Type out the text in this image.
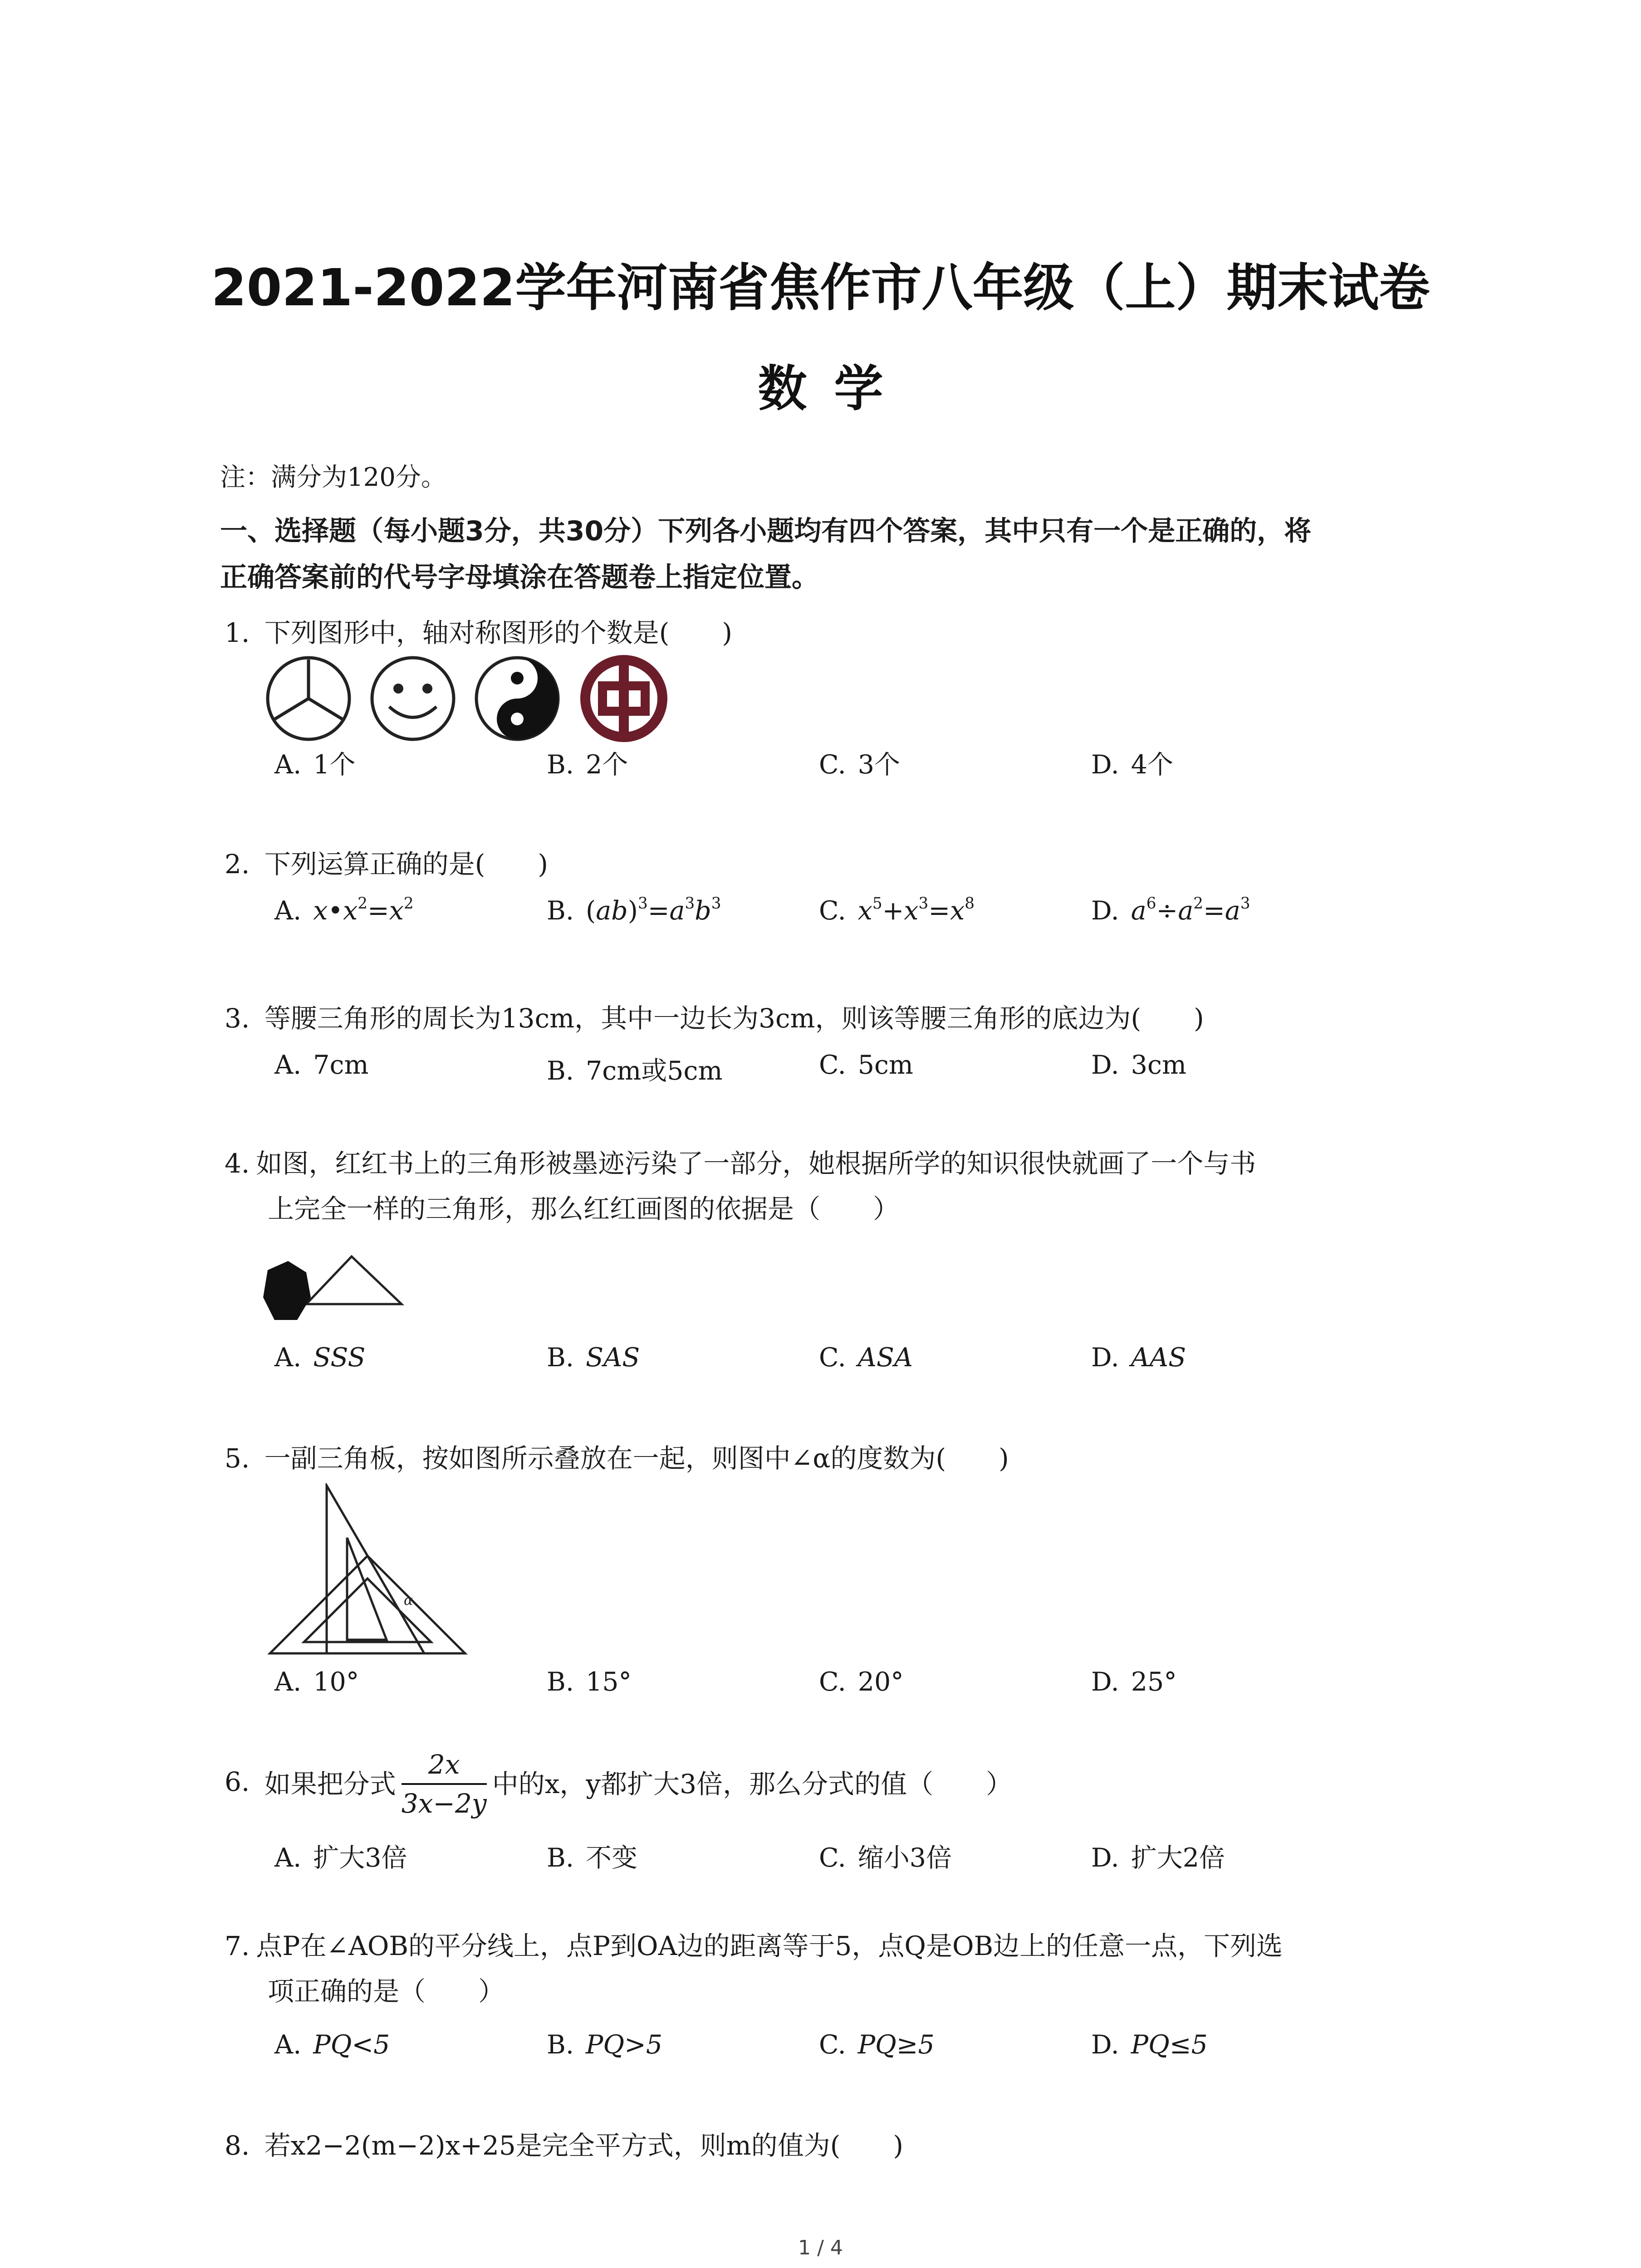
2021-2022学年河南省焦作市八年级（上）期末试卷
数学
注：满分为120分。
一、选择题（每小题3分，共30分）下列各小题均有四个答案，其中只有一个是正确的，将
正确答案前的代号字母填涂在答题卷上指定位置。
1. 下列图形中，轴对称图形的个数是(　　)
A. 1个	B. 2个	C. 3个	D. 4个
2. 下列运算正确的是(　　)
A. $x•x^2=x^2$	B. $(ab)^3=a^3b^3$	C. $x^5+x^3=x^8$	D. $a^6\div a^2=a^3$
3. 等腰三角形的周长为13cm，其中一边长为3cm，则该等腰三角形的底边为(　　)
A. 7cm	B. 7cm或5cm	C. 5cm	D. 3cm
4. 如图，红红书上的三角形被墨迹污染了一部分，她根据所学的知识很快就画了一个与书
上完全一样的三角形，那么红红画图的依据是（　　）
A. SSS	B. SAS	C. ASA	D. AAS
5. 一副三角板，按如图所示叠放在一起，则图中∠α的度数为(　　)
α
A. 10°	B. 15°	C. 20°	D. 25°
6. 如果把分式 $\frac{2x}{3x-2y}$ 中的x，y都扩大3倍，那么分式的值（　　）
A. 扩大3倍	B. 不变	C. 缩小3倍	D. 扩大2倍
7. 点P在∠AOB的平分线上，点P到OA边的距离等于5，点Q是OB边上的任意一点，下列选
项正确的是（　　）
A. PQ<5	B. PQ>5	C. PQ≥5	D. PQ≤5
8. 若x2−2(m−2)x+25是完全平方式，则m的值为(　　)
1 / 4
